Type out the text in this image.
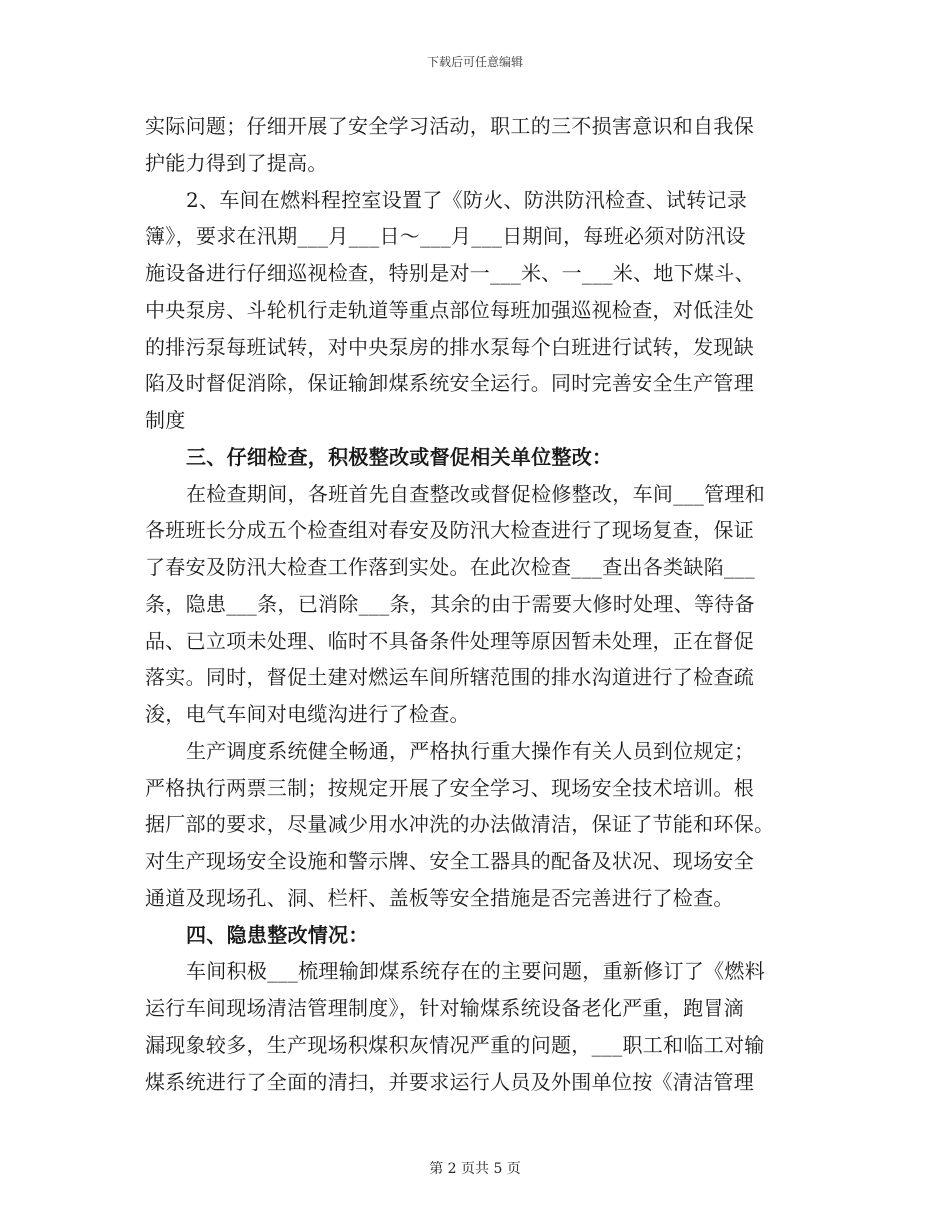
下载后可任意编辑
实际问题；仔细开展了安全学习活动，职工的三不损害意识和自我保
护能力得到了提高。
2、车间在燃料程控室设置了《防火、防洪防汛检查、试转记录
簿》，要求在汛期___月___日～___月___日期间，每班必须对防汛设
施设备进行仔细巡视检查，特别是对一___米、一___米、地下煤斗、
中央泵房、斗轮机行走轨道等重点部位每班加强巡视检查，对低洼处
的排污泵每班试转，对中央泵房的排水泵每个白班进行试转，发现缺
陷及时督促消除，保证输卸煤系统安全运行。同时完善安全生产管理
制度
三、仔细检查，积极整改或督促相关单位整改：
在检查期间，各班首先自查整改或督促检修整改，车间___管理和
各班班长分成五个检查组对春安及防汛大检查进行了现场复查，保证
了春安及防汛大检查工作落到实处。在此次检查___查出各类缺陷___
条，隐患___条，已消除___条，其余的由于需要大修时处理、等待备
品、已立项未处理、临时不具备条件处理等原因暂未处理，正在督促
落实。同时，督促土建对燃运车间所辖范围的排水沟道进行了检查疏
浚，电气车间对电缆沟进行了检查。
生产调度系统健全畅通，严格执行重大操作有关人员到位规定；
严格执行两票三制；按规定开展了安全学习、现场安全技术培训。根
据厂部的要求，尽量减少用水冲洗的办法做清洁，保证了节能和环保。
对生产现场安全设施和警示牌、安全工器具的配备及状况、现场安全
通道及现场孔、洞、栏杆、盖板等安全措施是否完善进行了检查。
四、隐患整改情况：
车间积极___梳理输卸煤系统存在的主要问题，重新修订了《燃料
运行车间现场清洁管理制度》，针对输煤系统设备老化严重，跑冒滴
漏现象较多，生产现场积煤积灰情况严重的问题，___职工和临工对输
煤系统进行了全面的清扫，并要求运行人员及外围单位按《清洁管理
第 2 页共 5 页
